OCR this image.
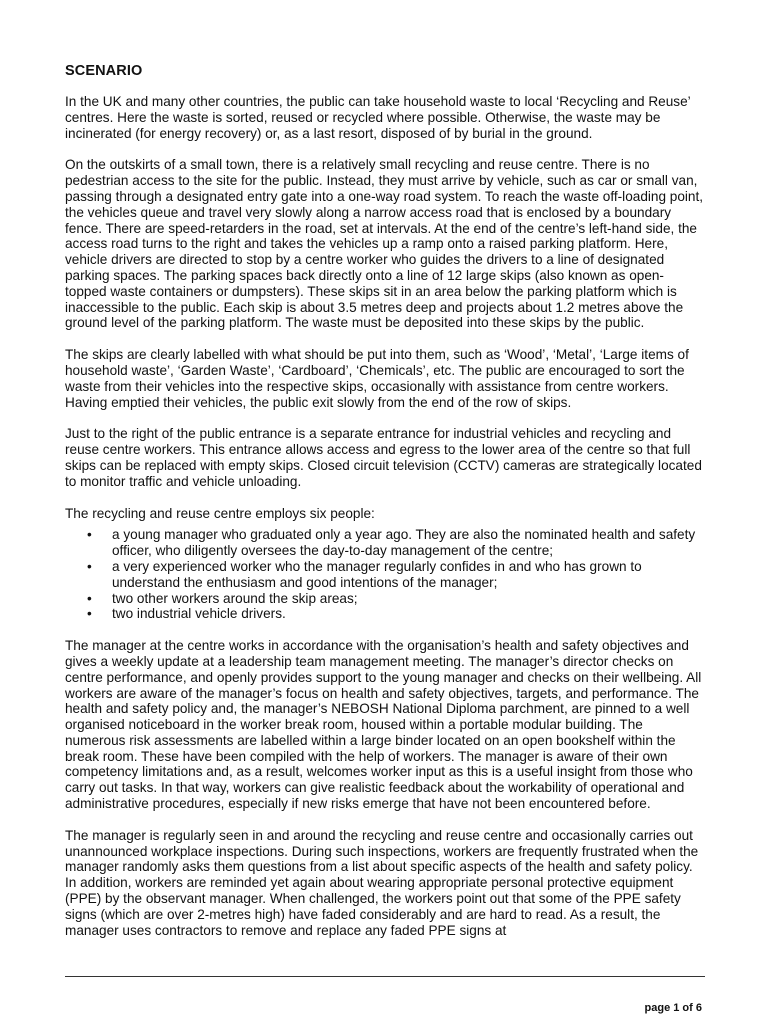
SCENARIO

In the UK and many other countries, the public can take household waste to local ‘Recycling and Reuse’ centres. Here the waste is sorted, reused or recycled where possible. Otherwise, the waste may be incinerated (for energy recovery) or, as a last resort, disposed of by burial in the ground.

On the outskirts of a small town, there is a relatively small recycling and reuse centre. There is no pedestrian access to the site for the public. Instead, they must arrive by vehicle, such as car or small van, passing through a designated entry gate into a one-way road system. To reach the waste off-loading point, the vehicles queue and travel very slowly along a narrow access road that is enclosed by a boundary fence. There are speed-retarders in the road, set at intervals. At the end of the centre’s left-hand side, the access road turns to the right and takes the vehicles up a ramp onto a raised parking platform. Here, vehicle drivers are directed to stop by a centre worker who guides the drivers to a line of designated parking spaces. The parking spaces back directly onto a line of 12 large skips (also known as open-topped waste containers or dumpsters). These skips sit in an area below the parking platform which is inaccessible to the public. Each skip is about 3.5 metres deep and projects about 1.2 metres above the ground level of the parking platform. The waste must be deposited into these skips by the public.

The skips are clearly labelled with what should be put into them, such as ‘Wood’, ‘Metal’, ‘Large items of household waste’, ‘Garden Waste’, ‘Cardboard’, ‘Chemicals’, etc. The public are encouraged to sort the waste from their vehicles into the respective skips, occasionally with assistance from centre workers. Having emptied their vehicles, the public exit slowly from the end of the row of skips.

Just to the right of the public entrance is a separate entrance for industrial vehicles and recycling and reuse centre workers. This entrance allows access and egress to the lower area of the centre so that full skips can be replaced with empty skips. Closed circuit television (CCTV) cameras are strategically located to monitor traffic and vehicle unloading.

The recycling and reuse centre employs six people:

• a young manager who graduated only a year ago. They are also the nominated health and safety officer, who diligently oversees the day-to-day management of the centre;
• a very experienced worker who the manager regularly confides in and who has grown to understand the enthusiasm and good intentions of the manager;
• two other workers around the skip areas;
• two industrial vehicle drivers.

The manager at the centre works in accordance with the organisation’s health and safety objectives and gives a weekly update at a leadership team management meeting. The manager’s director checks on centre performance, and openly provides support to the young manager and checks on their wellbeing. All workers are aware of the manager’s focus on health and safety objectives, targets, and performance. The health and safety policy and, the manager’s NEBOSH National Diploma parchment, are pinned to a well organised noticeboard in the worker break room, housed within a portable modular building. The numerous risk assessments are labelled within a large binder located on an open bookshelf within the break room. These have been compiled with the help of workers. The manager is aware of their own competency limitations and, as a result, welcomes worker input as this is a useful insight from those who carry out tasks. In that way, workers can give realistic feedback about the workability of operational and administrative procedures, especially if new risks emerge that have not been encountered before.

The manager is regularly seen in and around the recycling and reuse centre and occasionally carries out unannounced workplace inspections. During such inspections, workers are frequently frustrated when the manager randomly asks them questions from a list about specific aspects of the health and safety policy. In addition, workers are reminded yet again about wearing appropriate personal protective equipment (PPE) by the observant manager. When challenged, the workers point out that some of the PPE safety signs (which are over 2-metres high) have faded considerably and are hard to read. As a result, the manager uses contractors to remove and replace any faded PPE signs at

page 1 of 6
